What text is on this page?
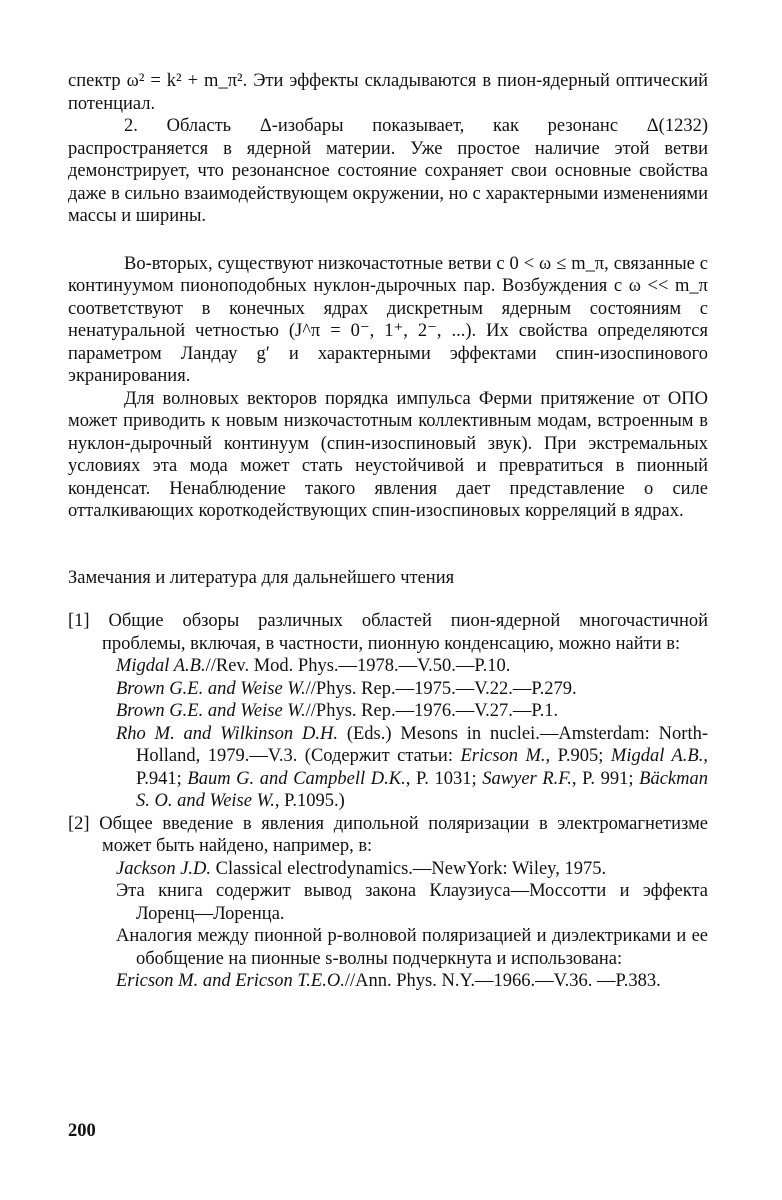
спектр ω² = k² + m_π². Эти эффекты складываются в пион-ядерный оптический потенциал.

2. Область Δ-изобары показывает, как резонанс Δ(1232) распространяется в ядерной материи. Уже простое наличие этой ветви демонстрирует, что резонансное состояние сохраняет свои основные свойства даже в сильно взаимодействующем окружении, но с характерными изменениями массы и ширины.

Во-вторых, существуют низкочастотные ветви с 0 < ω ≤ m_π, связанные с континуумом пионоподобных нуклон-дырочных пар. Возбуждения с ω << m_π соответствуют в конечных ядрах дискретным ядерным состояниям с ненатуральной четностью (J^π = 0⁻, 1⁺, 2⁻, ...). Их свойства определяются параметром Ландау g′ и характерными эффектами спин-изоспинового экранирования.

Для волновых векторов порядка импульса Ферми притяжение от ОПО может приводить к новым низкочастотным коллективным модам, встроенным в нуклон-дырочный континуум (спин-изоспиновый звук). При экстремальных условиях эта мода может стать неустойчивой и превратиться в пионный конденсат. Ненаблюдение такого явления дает представление о силе отталкивающих короткодействующих спин-изоспиновых корреляций в ядрах.

Замечания и литература для дальнейшего чтения

[1] Общие обзоры различных областей пион-ядерной многочастичной проблемы, включая, в частности, пионную конденсацию, можно найти в:

Migdal A.B.//Rev. Mod. Phys.—1978.—V.50.—P.10.

Brown G.E. and Weise W.//Phys. Rep.—1975.—V.22.—P.279.

Brown G.E. and Weise W.//Phys. Rep.—1976.—V.27.—P.1.

Rho M. and Wilkinson D.H. (Eds.) Mesons in nuclei.—Amsterdam: North-Holland, 1979.—V.3. (Содержит статьи: Ericson M., P.905; Migdal A.B., P.941; Baum G. and Campbell D.K., P. 1031; Sawyer R.F., P. 991; Bäckman S. O. and Weise W., P.1095.)

[2] Общее введение в явления дипольной поляризации в электромагнетизме может быть найдено, например, в:

Jackson J.D. Classical electrodynamics.—NewYork: Wiley, 1975.

Эта книга содержит вывод закона Клаузиуса—Моссотти и эффекта Лоренц—Лоренца.

Аналогия между пионной p-волновой поляризацией и диэлектриками и ее обобщение на пионные s-волны подчеркнута и использована:

Ericson M. and Ericson T.E.O.//Ann. Phys. N.Y.—1966.—V.36. —P.383.

200
